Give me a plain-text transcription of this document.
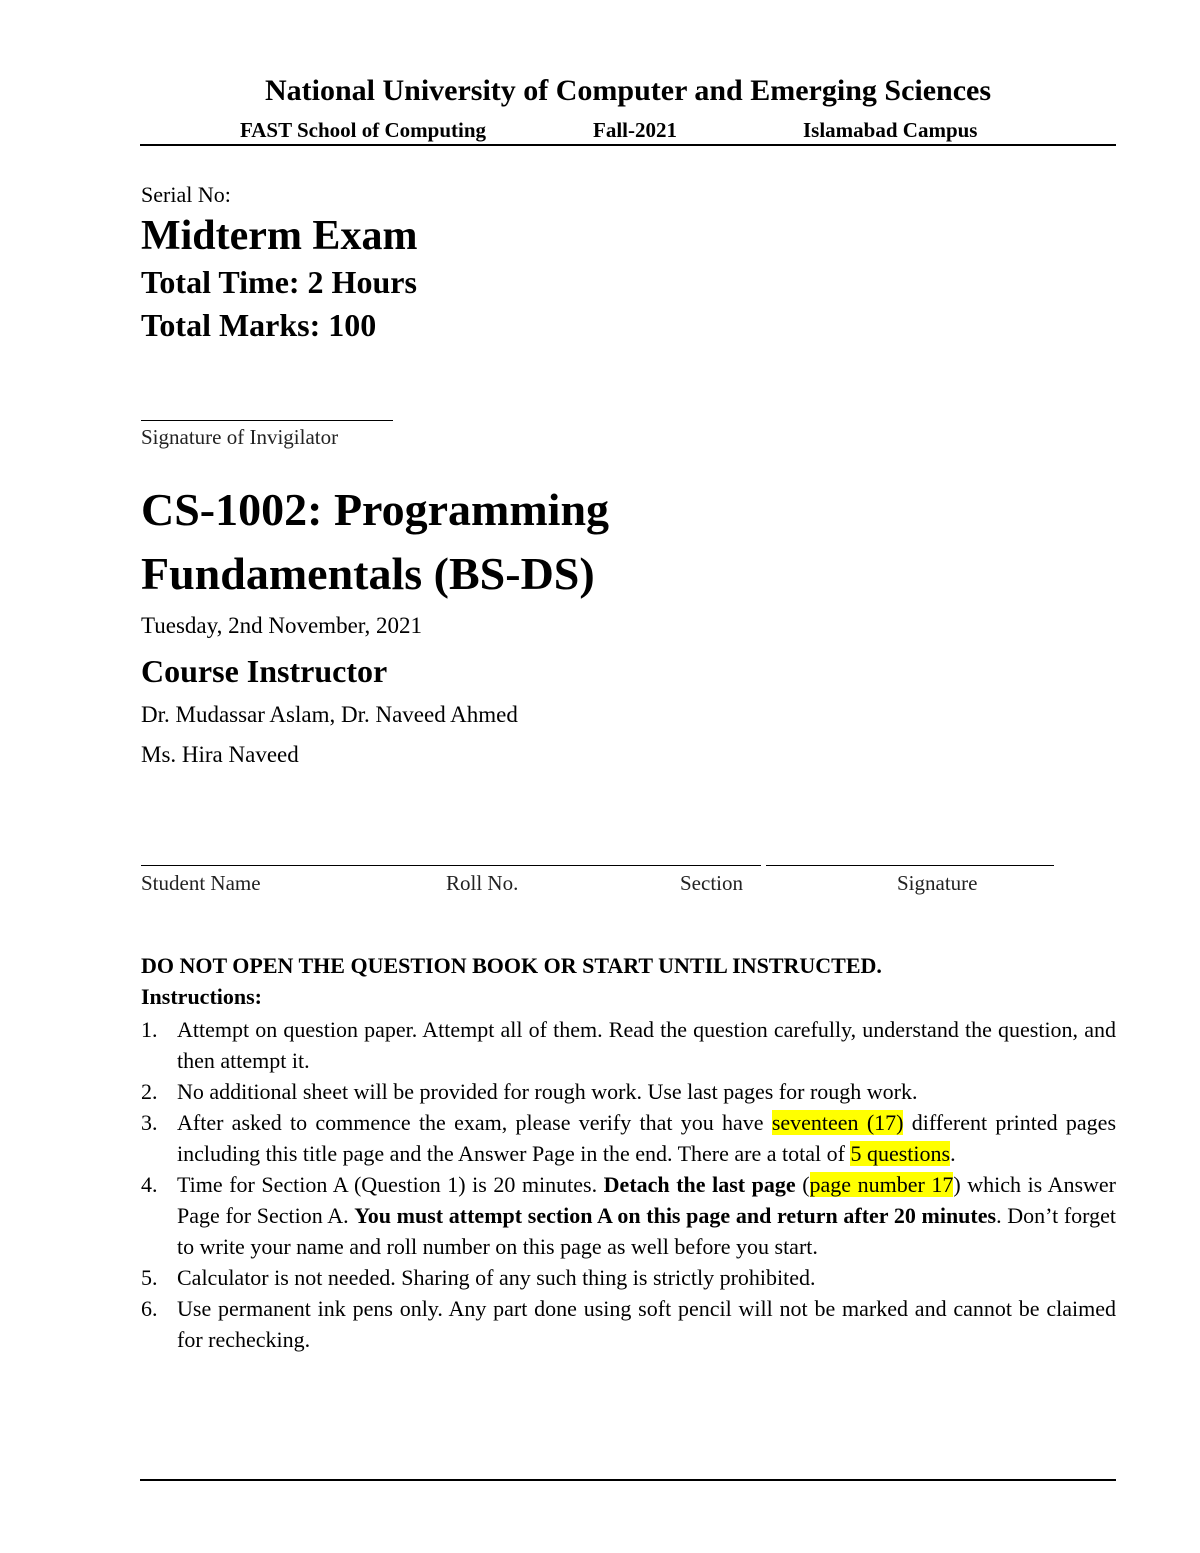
National University of Computer and Emerging Sciences
FAST School of Computing	Fall-2021	Islamabad Campus
Serial No:
Midterm Exam
Total Time: 2 Hours
Total Marks: 100
Signature of Invigilator
CS-1002: Programming
Fundamentals (BS-DS)
Tuesday, 2nd November, 2021
Course Instructor
Dr. Mudassar Aslam, Dr. Naveed Ahmed
Ms. Hira Naveed
Student Name	Roll No.	Section	Signature
DO NOT OPEN THE QUESTION BOOK OR START UNTIL INSTRUCTED.
Instructions:
1. Attempt on question paper. Attempt all of them. Read the question carefully, understand the question, and then attempt it.
2. No additional sheet will be provided for rough work. Use last pages for rough work.
3. After asked to commence the exam, please verify that you have seventeen (17) different printed pages including this title page and the Answer Page in the end. There are a total of 5 questions.
4. Time for Section A (Question 1) is 20 minutes. Detach the last page (page number 17) which is Answer Page for Section A. You must attempt section A on this page and return after 20 minutes. Don’t forget to write your name and roll number on this page as well before you start.
5. Calculator is not needed. Sharing of any such thing is strictly prohibited.
6. Use permanent ink pens only. Any part done using soft pencil will not be marked and cannot be claimed for rechecking.
